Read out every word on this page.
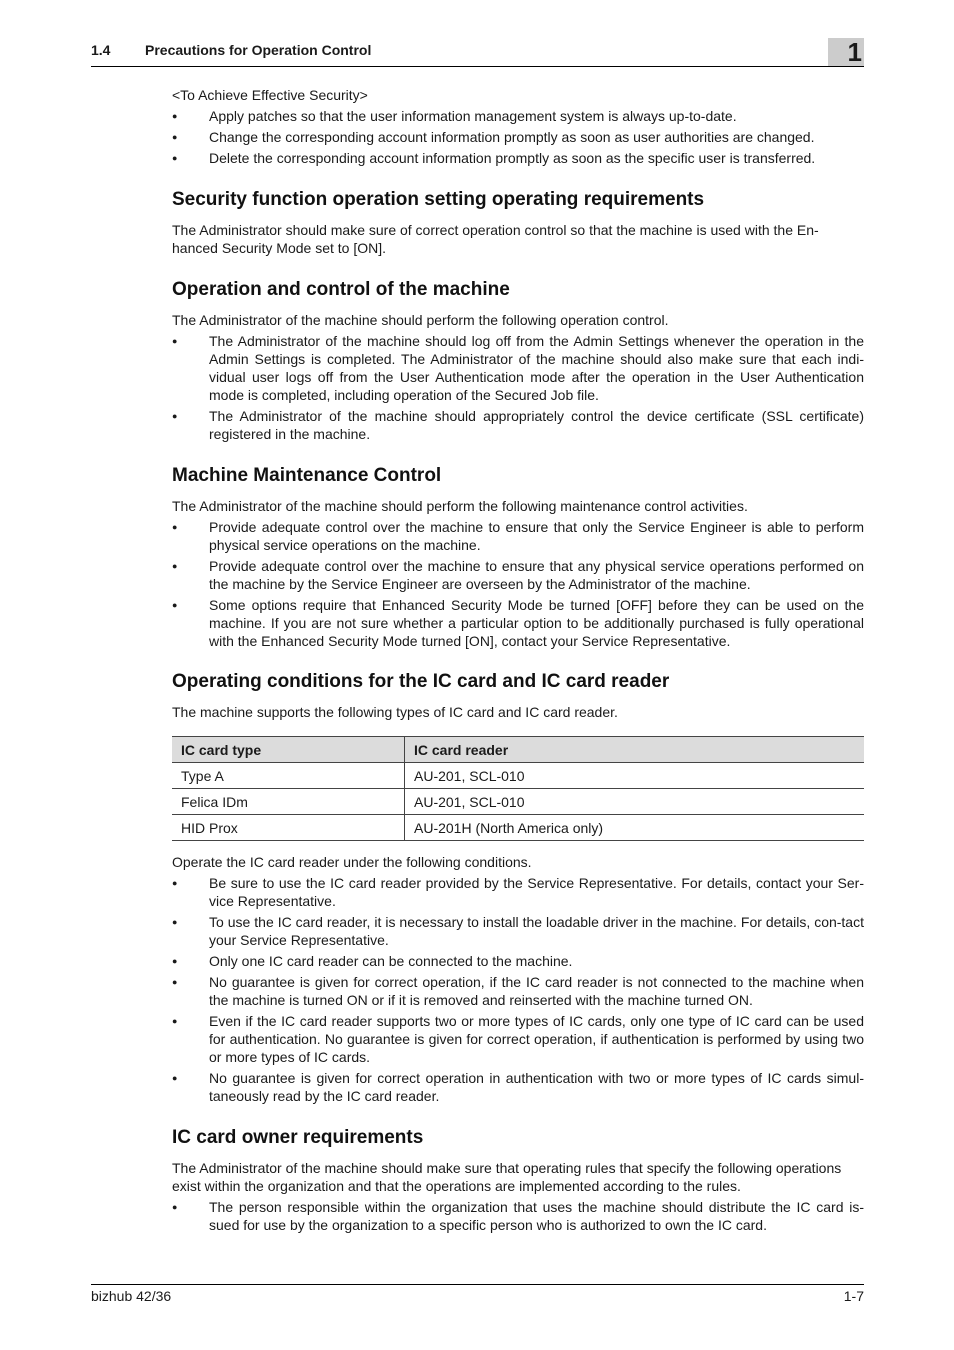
1.4 Precautions for Operation Control	1

<To Achieve Effective Security>

● Apply patches so that the user information management system is always up-to-date.
● Change the corresponding account information promptly as soon as user authorities are changed.
● Delete the corresponding account information promptly as soon as the specific user is transferred.
Security function operation setting operating requirements

The Administrator should make sure of correct operation control so that the machine is used with the En-hanced Security Mode set to [ON].

Operation and control of the machine

The Administrator of the machine should perform the following operation control.

● The Administrator of the machine should log off from the Admin Settings whenever the operation in the Admin Settings is completed. The Administrator of the machine should also make sure that each indi-vidual user logs off from the User Authentication mode after the operation in the User Authentication mode is completed, including operation of the Secured Job file.
● The Administrator of the machine should appropriately control the device certificate (SSL certificate) registered in the machine.
Machine Maintenance Control

The Administrator of the machine should perform the following maintenance control activities.

● Provide adequate control over the machine to ensure that only the Service Engineer is able to perform physical service operations on the machine.
● Provide adequate control over the machine to ensure that any physical service operations performed on the machine by the Service Engineer are overseen by the Administrator of the machine.
● Some options require that Enhanced Security Mode be turned [OFF] before they can be used on the machine. If you are not sure whether a particular option to be additionally purchased is fully operational with the Enhanced Security Mode turned [ON], contact your Service Representative.
Operating conditions for the IC card and IC card reader

The machine supports the following types of IC card and IC card reader.

IC card type	IC card reader
Type A	AU-201, SCL-010
Felica IDm	AU-201, SCL-010
HID Prox	AU-201H (North America only)

Operate the IC card reader under the following conditions.

● Be sure to use the IC card reader provided by the Service Representative. For details, contact your Ser-vice Representative.
● To use the IC card reader, it is necessary to install the loadable driver in the machine. For details, con-tact your Service Representative.
● Only one IC card reader can be connected to the machine.
● No guarantee is given for correct operation, if the IC card reader is not connected to the machine when the machine is turned ON or if it is removed and reinserted with the machine turned ON.
● Even if the IC card reader supports two or more types of IC cards, only one type of IC card can be used for authentication. No guarantee is given for correct operation, if authentication is performed by using two or more types of IC cards.
● No guarantee is given for correct operation in authentication with two or more types of IC cards simul-taneously read by the IC card reader.
IC card owner requirements

The Administrator of the machine should make sure that operating rules that specify the following operations exist within the organization and that the operations are implemented according to the rules.

● The person responsible within the organization that uses the machine should distribute the IC card is-sued for use by the organization to a specific person who is authorized to own the IC card.
bizhub 42/36	1-7
